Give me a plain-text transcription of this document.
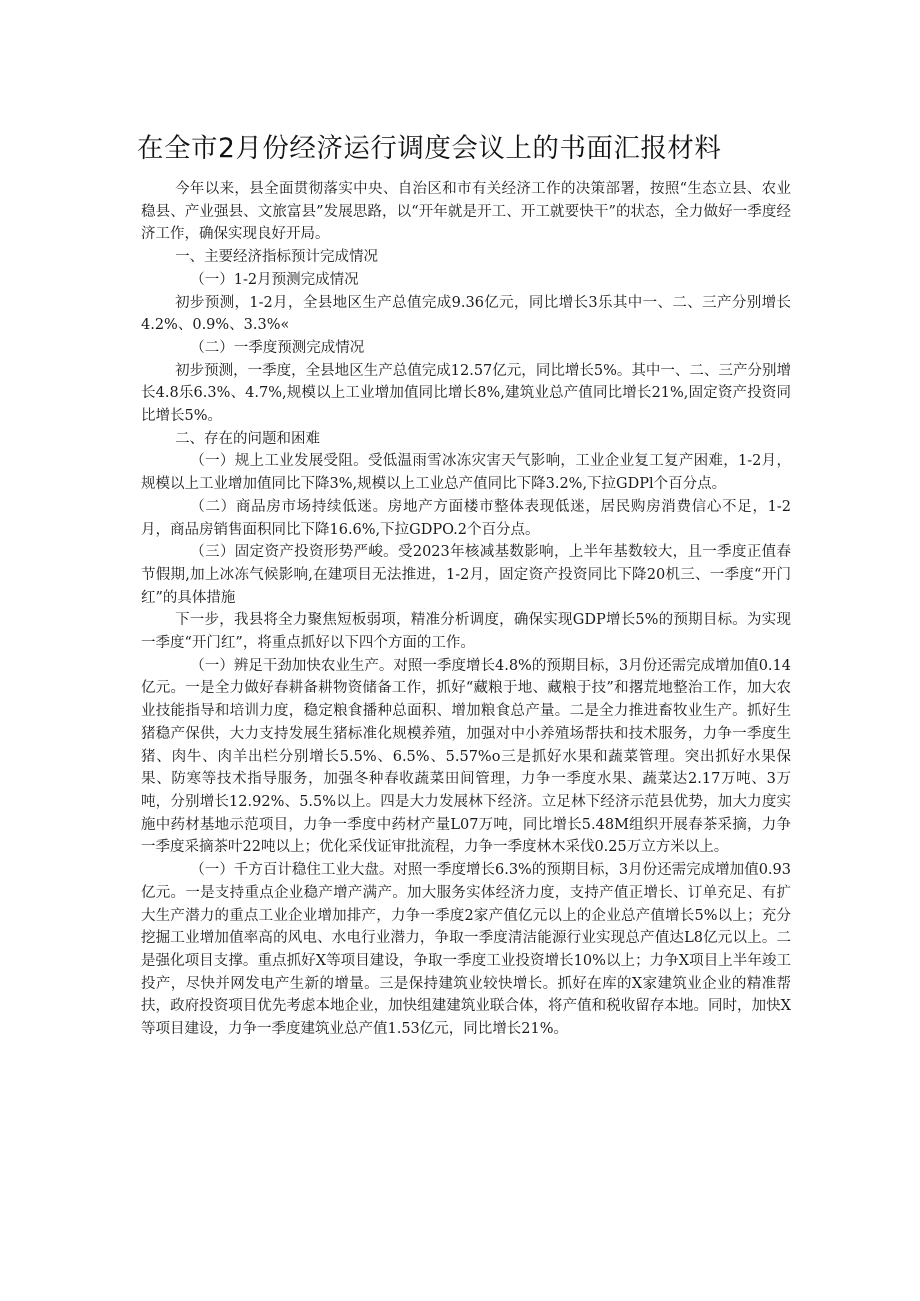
在全市2月份经济运行调度会议上的书面汇报材料

今年以来，县全面贯彻落实中央、自治区和市有关经济工作的决策部署，按照“生态立县、农业稳县、产业强县、文旅富县”发展思路，以“开年就是开工、开工就要快干”的状态，全力做好一季度经济工作，确保实现良好开局。

一、主要经济指标预计完成情况

（一）1-2月预测完成情况

初步预测，1-2月，全县地区生产总值完成9.36亿元，同比增长3乐其中一、二、三产分别增长4.2%、0.9%、3.3%«

（二）一季度预测完成情况

初步预测，一季度，全县地区生产总值完成12.57亿元，同比增长5%。其中一、二、三产分别增长4.8乐6.3%、4.7%,规模以上工业增加值同比增长8%,建筑业总产值同比增长21%,固定资产投资同比增长5%。

二、存在的问题和困难

（一）规上工业发展受阻。受低温雨雪冰冻灾害天气影响，工业企业复工复产困难，1-2月，规模以上工业增加值同比下降3%,规模以上工业总产值同比下降3.2%,下拉GDPl个百分点。

（二）商品房市场持续低迷。房地产方面楼市整体表现低迷，居民购房消费信心不足，1-2月，商品房销售面积同比下降16.6%,下拉GDPO.2个百分点。

（三）固定资产投资形势严峻。受2023年核减基数影响，上半年基数较大，且一季度正值春节假期,加上冰冻气候影响,在建项目无法推进，1-2月，固定资产投资同比下降20机三、一季度“开门红”的具体措施

下一步，我县将全力聚焦短板弱项，精准分析调度，确保实现GDP增长5%的预期目标。为实现一季度“开门红”，将重点抓好以下四个方面的工作。

（一）辨足干劲加快农业生产。对照一季度增长4.8%的预期目标，3月份还需完成增加值0.14亿元。一是全力做好春耕备耕物资储备工作，抓好“藏粮于地、藏粮于技”和撂荒地整治工作，加大农业技能指导和培训力度，稳定粮食播种总面积、增加粮食总产量。二是全力推进畜牧业生产。抓好生猪稳产保供，大力支持发展生猪标准化规模养殖，加强对中小养殖场帮扶和技术服务，力争一季度生猪、肉牛、肉羊出栏分别增长5.5%、6.5%、5.57%o三是抓好水果和蔬菜管理。突出抓好水果保果、防寒等技术指导服务，加强冬种春收蔬菜田间管理，力争一季度水果、蔬菜达2.17万吨、3万吨，分别增长12.92%、5.5%以上。四是大力发展林下经济。立足林下经济示范县优势，加大力度实施中药材基地示范项目，力争一季度中药材产量L07万吨，同比增长5.48M组织开展春茶采摘，力争一季度采摘茶叶22吨以上；优化采伐证审批流程，力争一季度林木采伐0.25万立方米以上。

（一）千方百计稳住工业大盘。对照一季度增长6.3%的预期目标，3月份还需完成增加值0.93亿元。一是支持重点企业稳产增产满产。加大服务实体经济力度，支持产值正增长、订单充足、有扩大生产潜力的重点工业企业增加排产，力争一季度2家产值亿元以上的企业总产值增长5%以上；充分挖掘工业增加值率高的风电、水电行业潜力，争取一季度清洁能源行业实现总产值达L8亿元以上。二是强化项目支撑。重点抓好X等项目建设，争取一季度工业投资增长10%以上；力争X项目上半年竣工投产，尽快并网发电产生新的增量。三是保持建筑业较快增长。抓好在库的X家建筑业企业的精准帮扶，政府投资项目优先考虑本地企业，加快组建建筑业联合体，将产值和税收留存本地。同时，加快X等项目建设，力争一季度建筑业总产值1.53亿元，同比增长21%。
